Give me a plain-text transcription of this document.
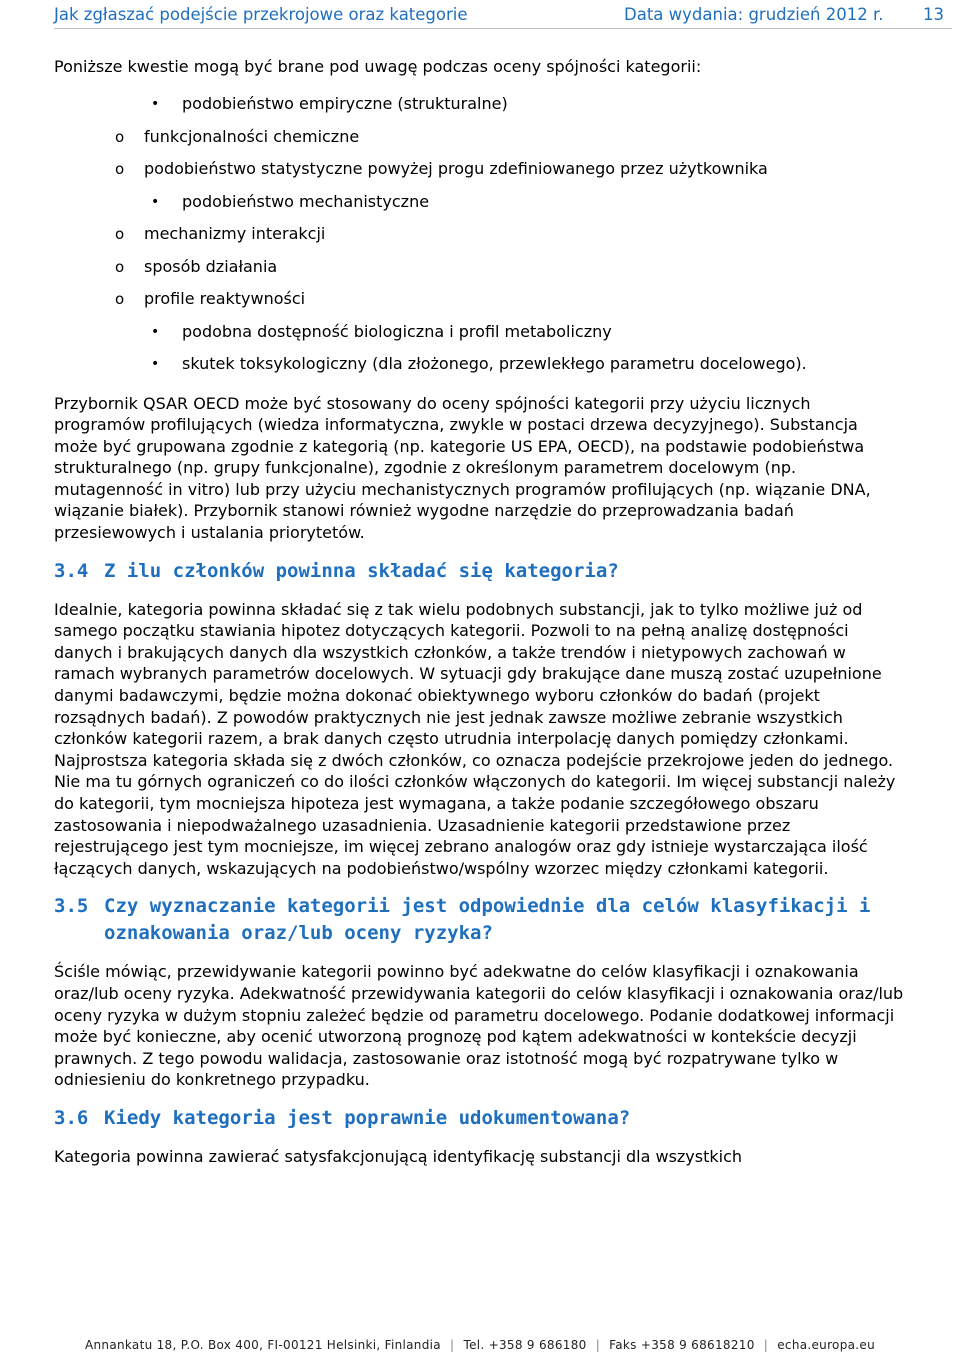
Jak zgłaszać podejście przekrojowe oraz kategorie	Data wydania: grudzień 2012 r. 13

Poniższe kwestie mogą być brane pod uwagę podczas oceny spójności kategorii:

• podobieństwo empiryczne (strukturalne)
o funkcjonalności chemiczne
o podobieństwo statystyczne powyżej progu zdefiniowanego przez użytkownika
• podobieństwo mechanistyczne
o mechanizmy interakcji
o sposób działania
o profile reaktywności
• podobna dostępność biologiczna i profil metaboliczny
• skutek toksykologiczny (dla złożonego, przewlekłego parametru docelowego).

Przybornik QSAR OECD może być stosowany do oceny spójności kategorii przy użyciu licznych programów profilujących (wiedza informatyczna, zwykle w postaci drzewa decyzyjnego). Substancja może być grupowana zgodnie z kategorią (np. kategorie US EPA, OECD), na podstawie podobieństwa strukturalnego (np. grupy funkcjonalne), zgodnie z określonym parametrem docelowym (np. mutagenność in vitro) lub przy użyciu mechanistycznych programów profilujących (np. wiązanie DNA, wiązanie białek). Przybornik stanowi również wygodne narzędzie do przeprowadzania badań przesiewowych i ustalania priorytetów.

3.4 Z ilu członków powinna składać się kategoria?

Idealnie, kategoria powinna składać się z tak wielu podobnych substancji, jak to tylko możliwe już od samego początku stawiania hipotez dotyczących kategorii. Pozwoli to na pełną analizę dostępności danych i brakujących danych dla wszystkich członków, a także trendów i nietypowych zachowań w ramach wybranych parametrów docelowych. W sytuacji gdy brakujące dane muszą zostać uzupełnione danymi badawczymi, będzie można dokonać obiektywnego wyboru członków do badań (projekt rozsądnych badań). Z powodów praktycznych nie jest jednak zawsze możliwe zebranie wszystkich członków kategorii razem, a brak danych często utrudnia interpolację danych pomiędzy członkami. Najprostsza kategoria składa się z dwóch członków, co oznacza podejście przekrojowe jeden do jednego. Nie ma tu górnych ograniczeń co do ilości członków włączonych do kategorii. Im więcej substancji należy do kategorii, tym mocniejsza hipoteza jest wymagana, a także podanie szczegółowego obszaru zastosowania i niepodważalnego uzasadnienia. Uzasadnienie kategorii przedstawione przez rejestrującego jest tym mocniejsze, im więcej zebrano analogów oraz gdy istnieje wystarczająca ilość łączących danych, wskazujących na podobieństwo/wspólny wzorzec między członkami kategorii.

3.5 Czy wyznaczanie kategorii jest odpowiednie dla celów klasyfikacji i oznakowania oraz/lub oceny ryzyka?

Ściśle mówiąc, przewidywanie kategorii powinno być adekwatne do celów klasyfikacji i oznakowania oraz/lub oceny ryzyka. Adekwatność przewidywania kategorii do celów klasyfikacji i oznakowania oraz/lub oceny ryzyka w dużym stopniu zależeć będzie od parametru docelowego. Podanie dodatkowej informacji może być konieczne, aby ocenić utworzoną prognozę pod kątem adekwatności w kontekście decyzji prawnych. Z tego powodu walidacja, zastosowanie oraz istotność mogą być rozpatrywane tylko w odniesieniu do konkretnego przypadku.

3.6 Kiedy kategoria jest poprawnie udokumentowana?

Kategoria powinna zawierać satysfakcjonującą identyfikację substancji dla wszystkich

Annankatu 18, P.O. Box 400, FI-00121 Helsinki, Finlandia | Tel. +358 9 686180 | Faks +358 9 68618210 | echa.europa.eu
